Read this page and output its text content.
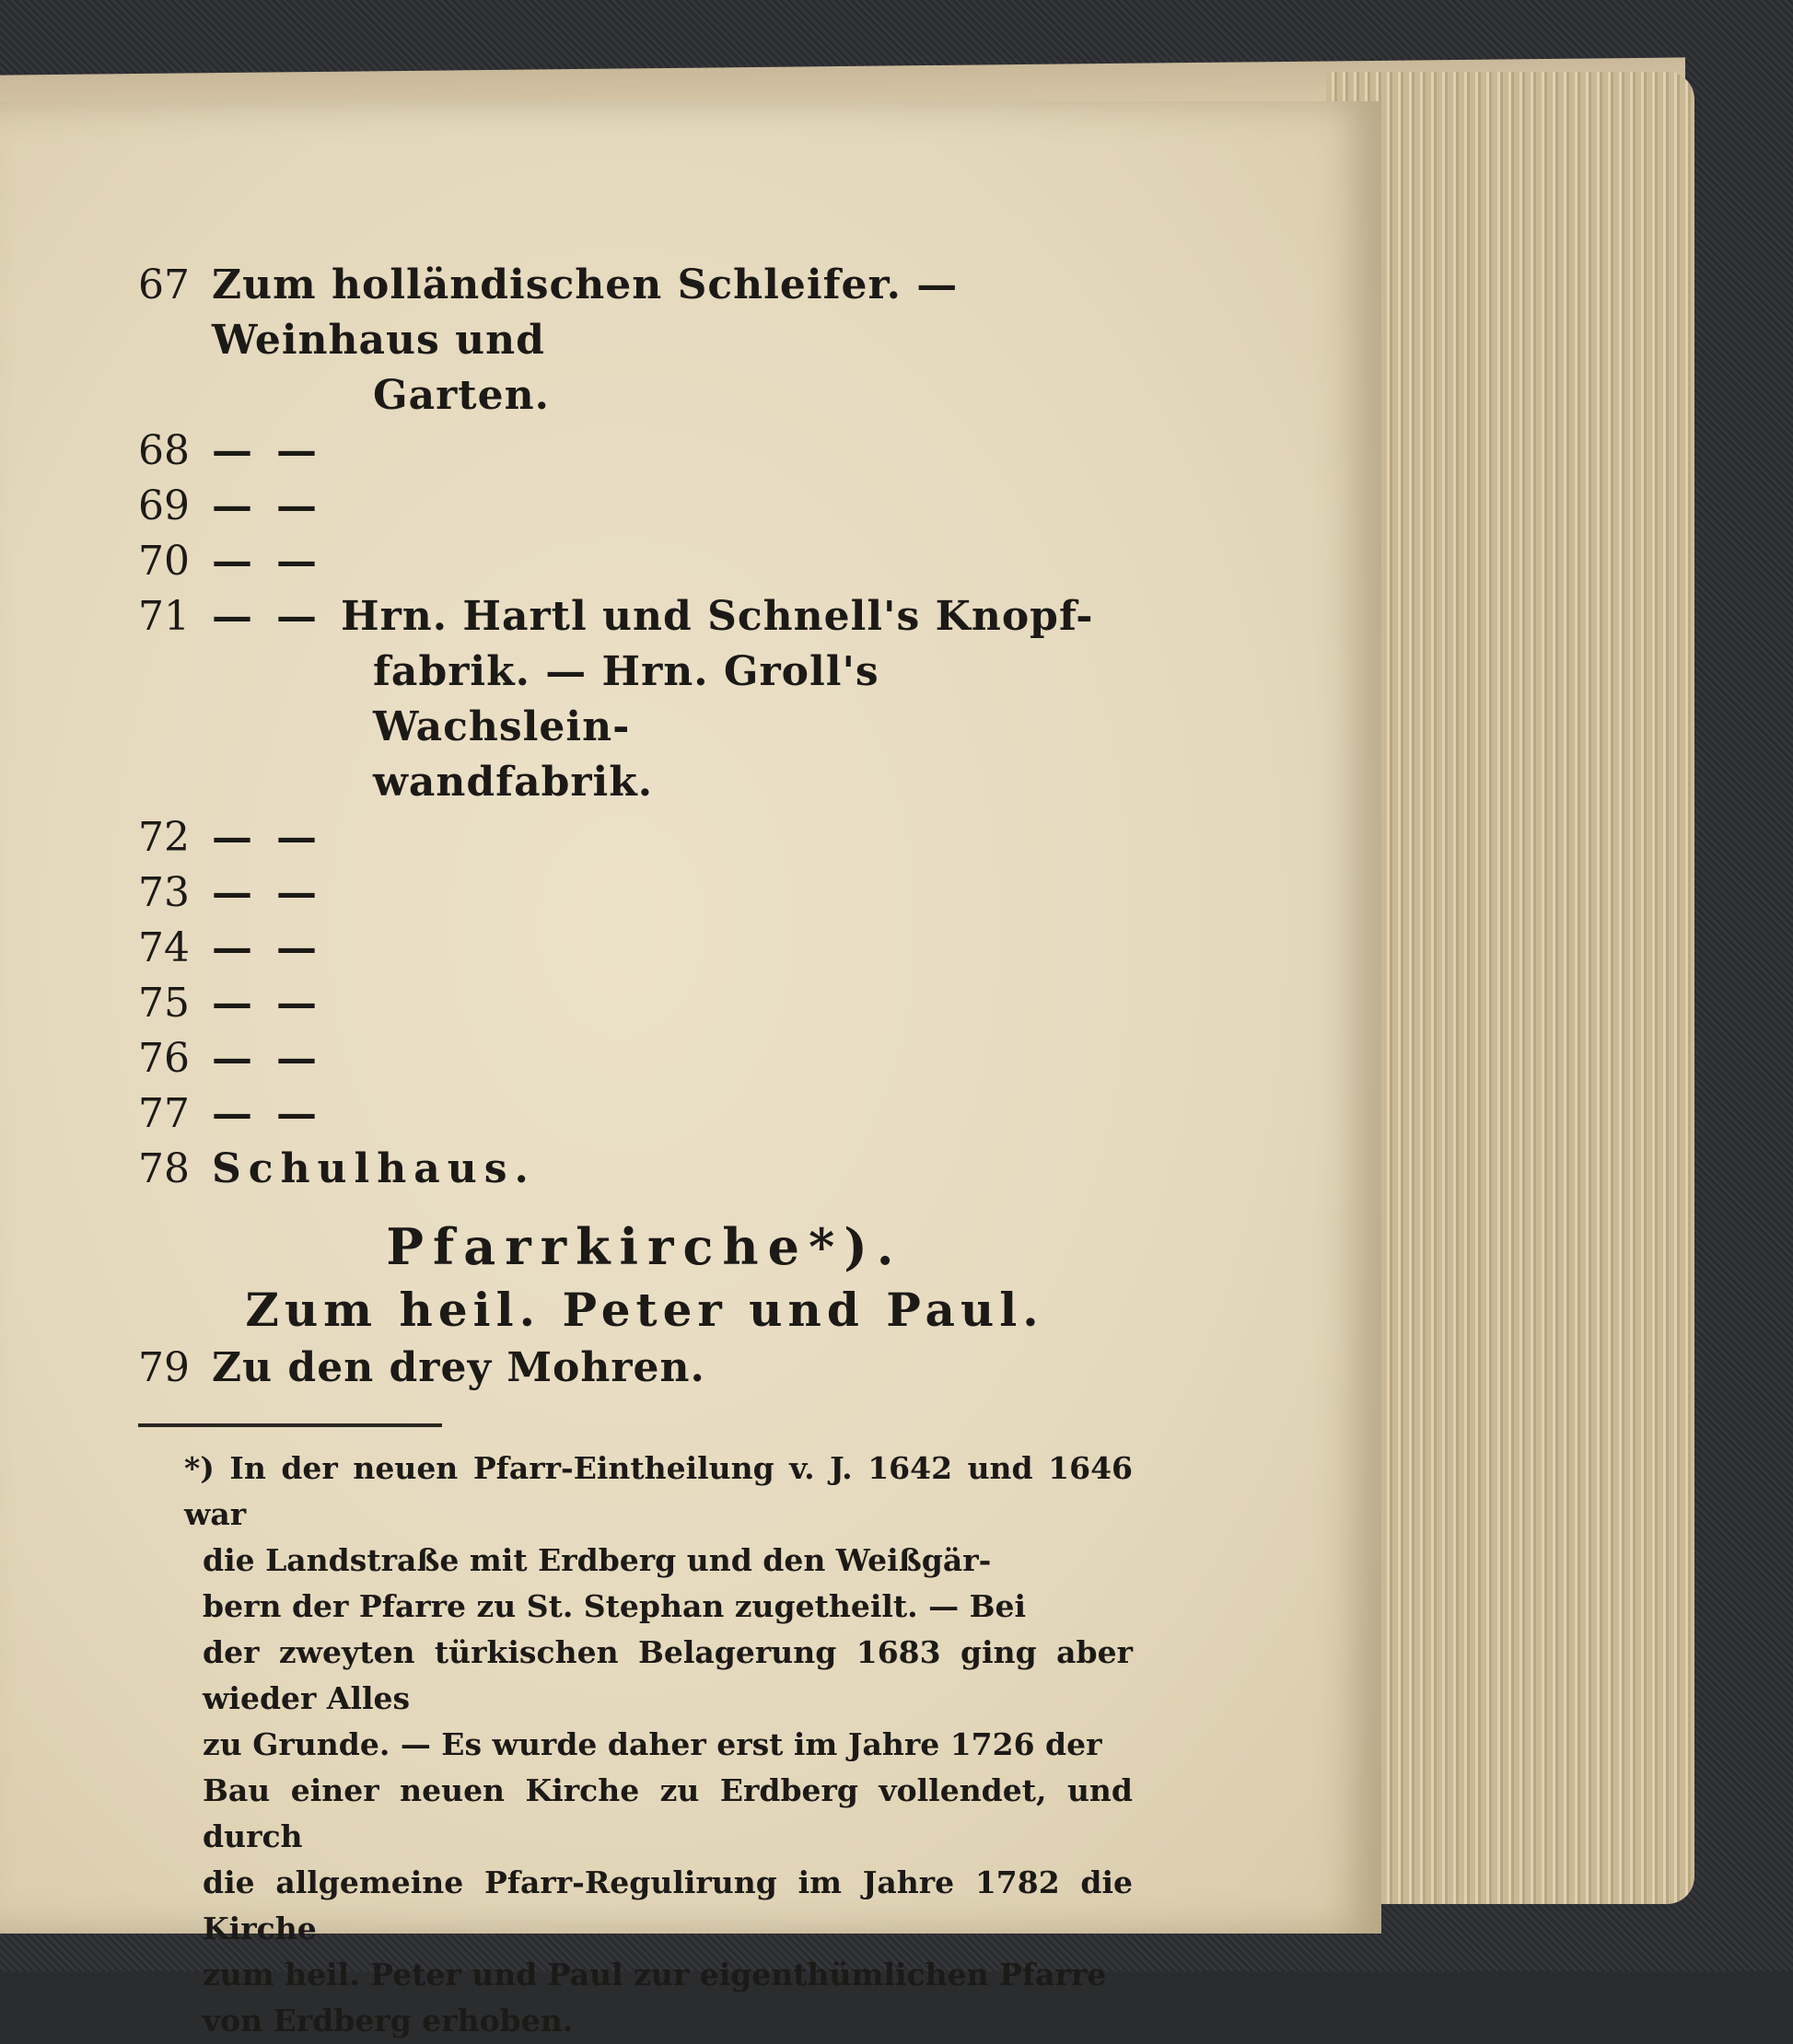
67 Zum holländischen Schleifer. — Weinhaus und
Garten.
68 — —
69 — —
70 — —
71 — — Hrn. Hartl und Schnell's Knopf-
fabrik. — Hrn. Groll's Wachslein-
wandfabrik.
72 — —
73 — —
74 — —
75 — —
76 — —
77 — —
78 Schulhaus.
Pfarrkirche*).
Zum heil. Peter und Paul.
79 Zu den drey Mohren.
*) In der neuen Pfarr-Eintheilung v. J. 1642 und 1646 war
die Landstraße mit Erdberg und den Weißgär-
bern der Pfarre zu St. Stephan zugetheilt. — Bei
der zweyten türkischen Belagerung 1683 ging aber wieder Alles
zu Grunde. — Es wurde daher erst im Jahre 1726 der
Bau einer neuen Kirche zu Erdberg vollendet, und durch
die allgemeine Pfarr-Regulirung im Jahre 1782 die Kirche
zum heil. Peter und Paul zur eigenthümlichen Pfarre
von Erdberg erhoben.
